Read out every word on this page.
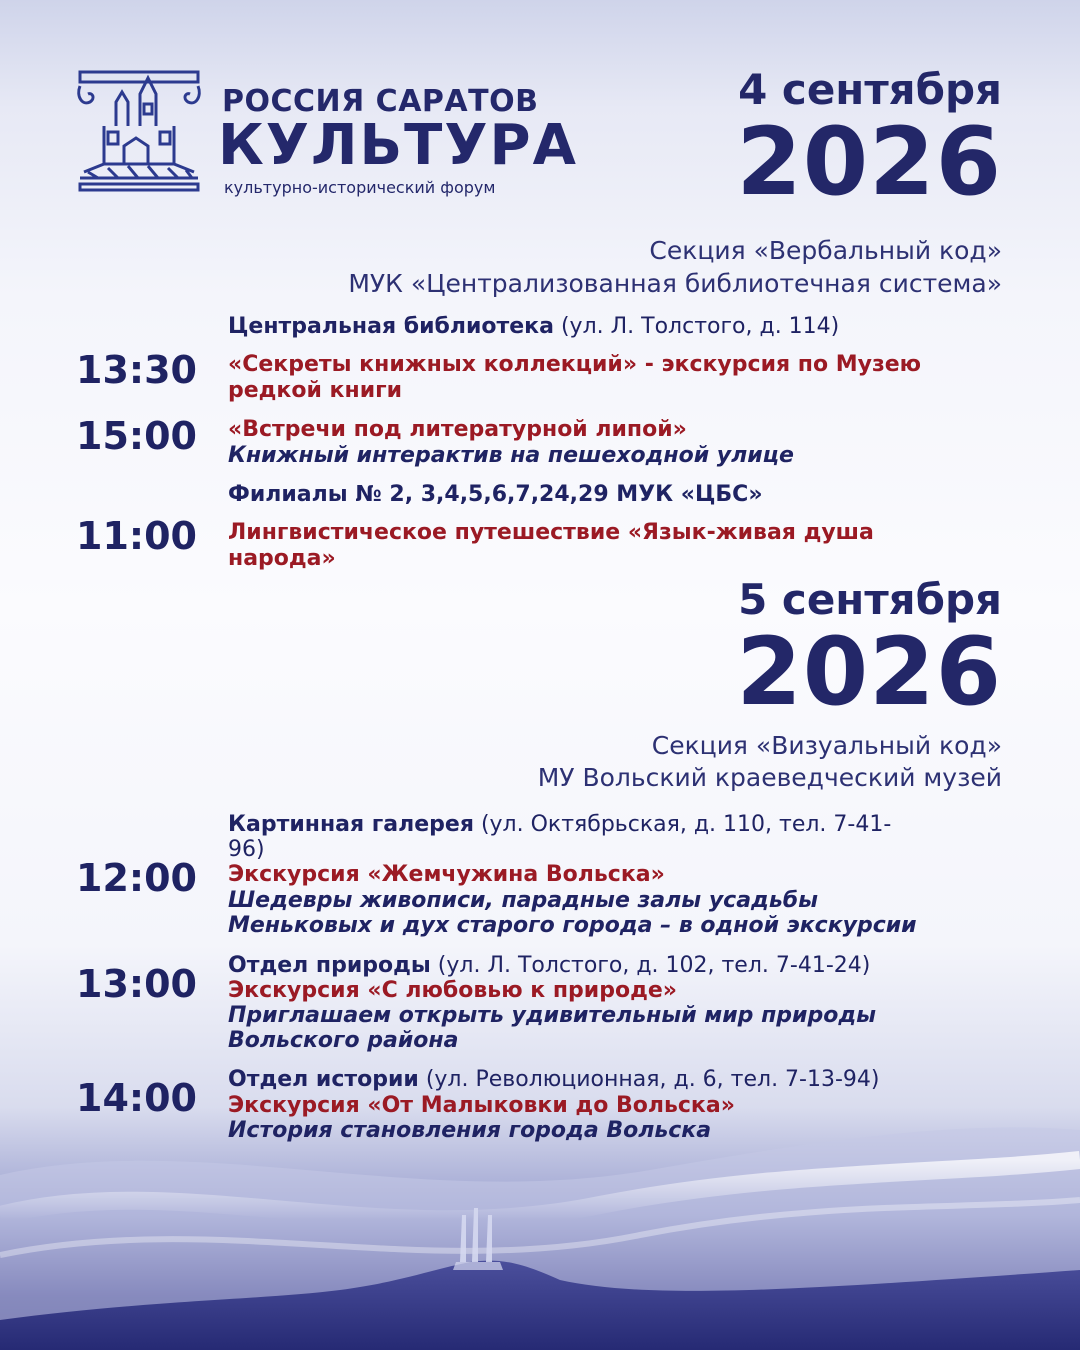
РОССИЯ САРАТОВ
КУЛЬТУРА
культурно-исторический форум
4 сентября
2026
Секция «Вербальный код»
МУК «Централизованная библиотечная система»
Центральная библиотека (ул. Л. Толстого, д. 114)
13:30 «Секреты книжных коллекций» - экскурсия по Музею
редкой книги
15:00 «Встречи под литературной липой»
Книжный интерактив на пешеходной улице
Филиалы № 2, 3,4,5,6,7,24,29 МУК «ЦБС»
11:00 Лингвистическое путешествие «Язык-живая душа
народа»
5 сентября
2026
Секция «Визуальный код»
МУ Вольский краеведческий музей
Картинная галерея (ул. Октябрьская, д. 110, тел. 7-41-
96)
12:00 Экскурсия «Жемчужина Вольска»
Шедевры живописи, парадные залы усадьбы
Меньковых и дух старого города – в одной экскурсии
Отдел природы (ул. Л. Толстого, д. 102, тел. 7-41-24)
13:00 Экскурсия «С любовью к природе»
Приглашаем открыть удивительный мир природы
Вольского района
Отдел истории (ул. Революционная, д. 6, тел. 7-13-94)
14:00 Экскурсия «От Малыковки до Вольска»
История становления города Вольска
